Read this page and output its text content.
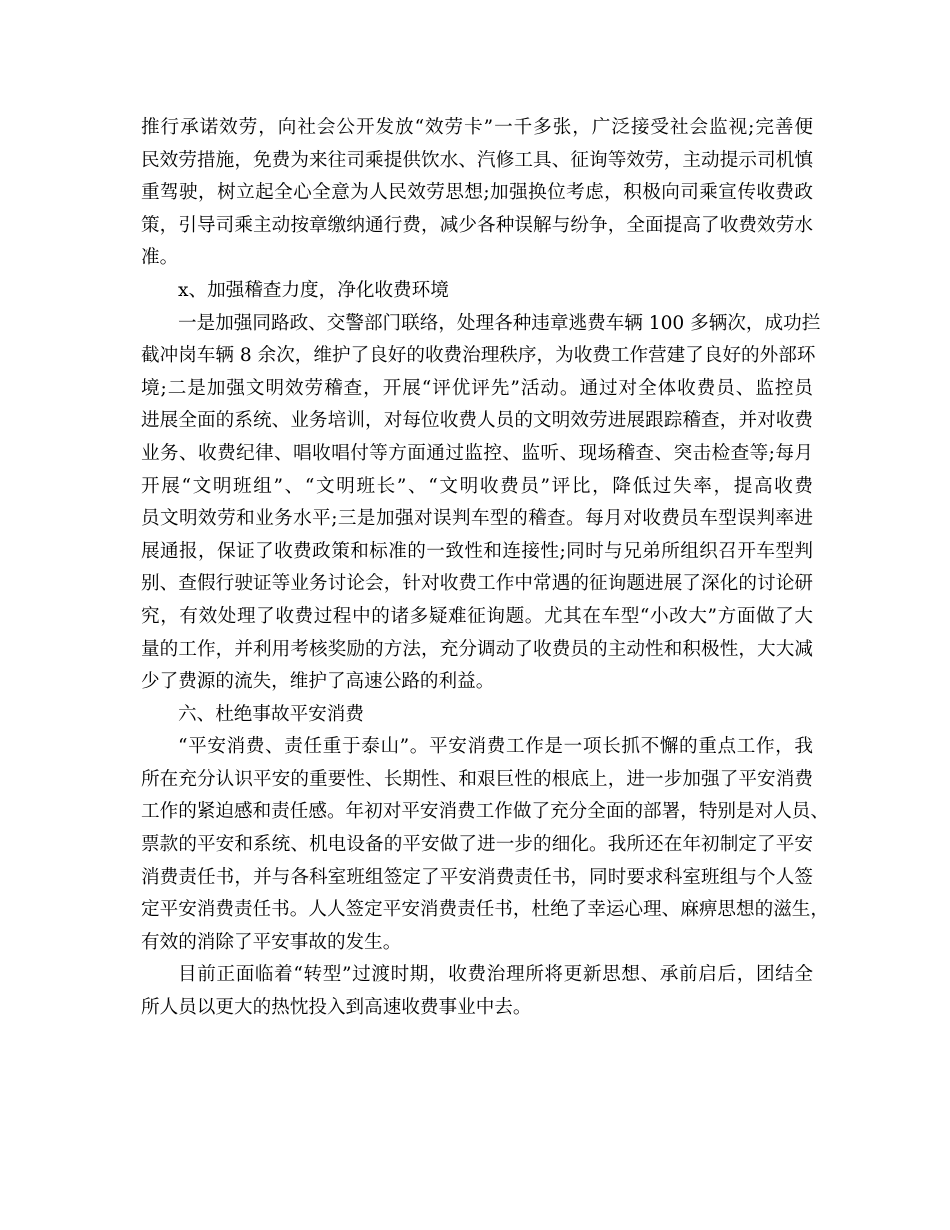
推行承诺效劳，向社会公开发放“效劳卡”一千多张，广泛接受社会监视;完善便
民效劳措施，免费为来往司乘提供饮水、汽修工具、征询等效劳，主动提示司机慎
重驾驶，树立起全心全意为人民效劳思想;加强换位考虑，积极向司乘宣传收费政
策，引导司乘主动按章缴纳通行费，减少各种误解与纷争，全面提高了收费效劳水
准。
x、加强稽查力度，净化收费环境
一是加强同路政、交警部门联络，处理各种违章逃费车辆 100 多辆次，成功拦
截冲岗车辆 8 余次，维护了良好的收费治理秩序，为收费工作营建了良好的外部环
境;二是加强文明效劳稽查，开展“评优评先”活动。通过对全体收费员、监控员
进展全面的系统、业务培训，对每位收费人员的文明效劳进展跟踪稽查，并对收费
业务、收费纪律、唱收唱付等方面通过监控、监听、现场稽查、突击检查等;每月
开展“文明班组”、“文明班长”、“文明收费员”评比，降低过失率，提高收费
员文明效劳和业务水平;三是加强对误判车型的稽查。每月对收费员车型误判率进
展通报，保证了收费政策和标准的一致性和连接性;同时与兄弟所组织召开车型判
别、查假行驶证等业务讨论会，针对收费工作中常遇的征询题进展了深化的讨论研
究，有效处理了收费过程中的诸多疑难征询题。尤其在车型“小改大”方面做了大
量的工作，并利用考核奖励的方法，充分调动了收费员的主动性和积极性，大大减
少了费源的流失，维护了高速公路的利益。
六、杜绝事故平安消费
“平安消费、责任重于泰山”。平安消费工作是一项长抓不懈的重点工作，我
所在充分认识平安的重要性、长期性、和艰巨性的根底上，进一步加强了平安消费
工作的紧迫感和责任感。年初对平安消费工作做了充分全面的部署，特别是对人员、
票款的平安和系统、机电设备的平安做了进一步的细化。我所还在年初制定了平安
消费责任书，并与各科室班组签定了平安消费责任书，同时要求科室班组与个人签
定平安消费责任书。人人签定平安消费责任书，杜绝了幸运心理、麻痹思想的滋生，
有效的消除了平安事故的发生。
目前正面临着“转型”过渡时期，收费治理所将更新思想、承前启后，团结全
所人员以更大的热忱投入到高速收费事业中去。
